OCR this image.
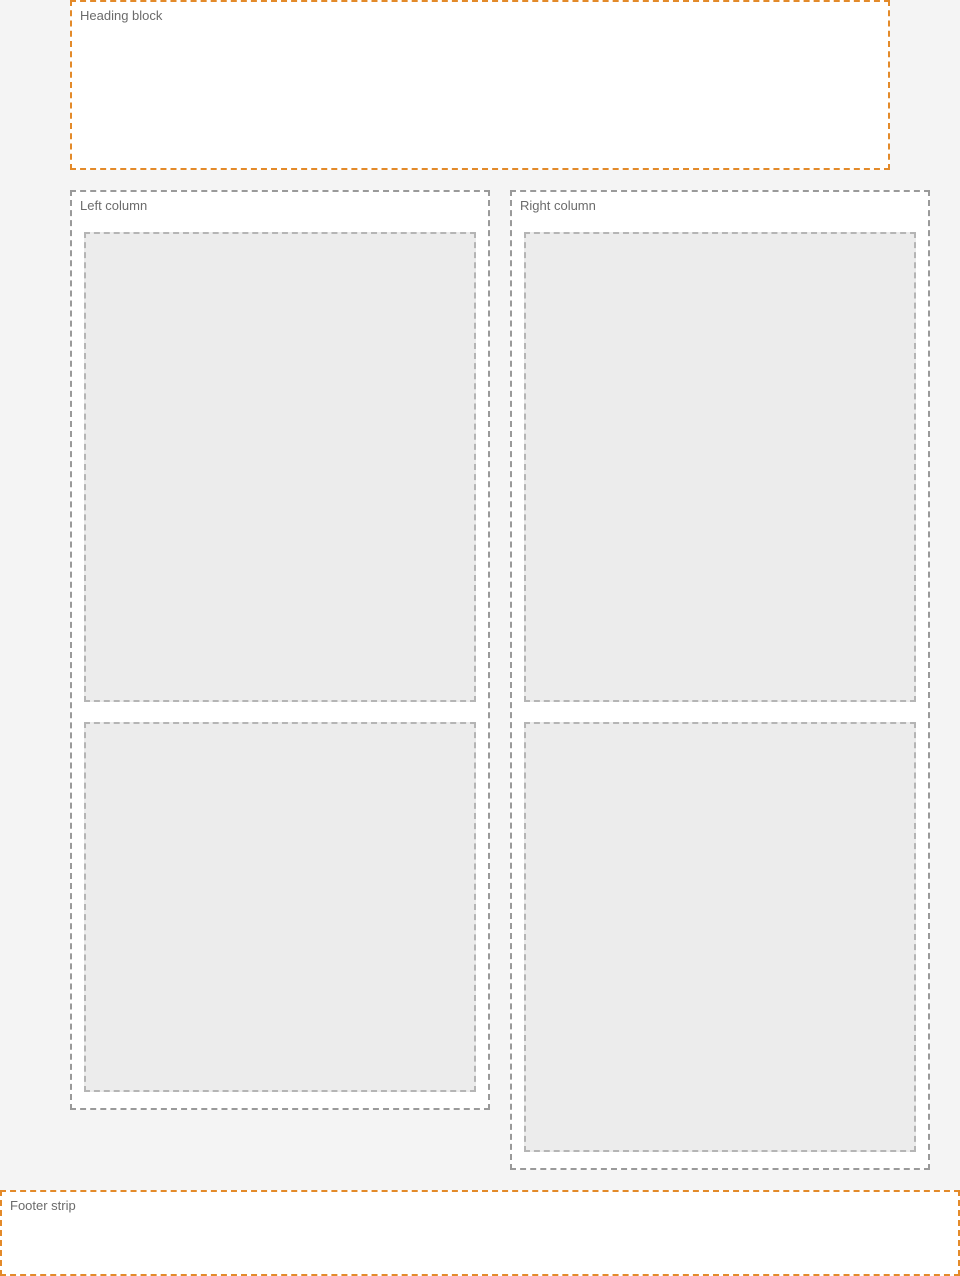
Heading block
Left column	Right column
Footer strip
